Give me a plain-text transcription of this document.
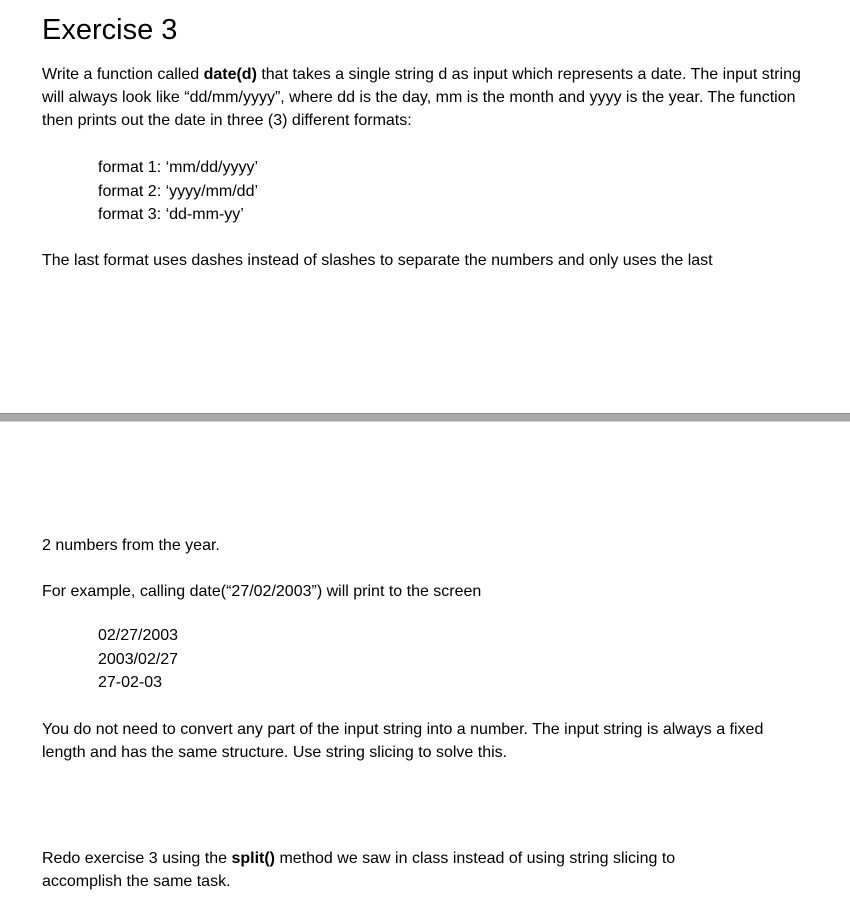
Exercise 3

Write a function called date(d) that takes a single string d as input which represents a date. The input string will always look like “dd/mm/yyyy”, where dd is the day, mm is the month and yyyy is the year. The function then prints out the date in three (3) different formats:

format 1: ‘mm/dd/yyyy’
format 2: ‘yyyy/mm/dd’
format 3: ‘dd-mm-yy’

The last format uses dashes instead of slashes to separate the numbers and only uses the last

2 numbers from the year.

For example, calling date(“27/02/2003”) will print to the screen

02/27/2003
2003/02/27
27-02-03

You do not need to convert any part of the input string into a number. The input string is always a fixed length and has the same structure. Use string slicing to solve this.

Redo exercise 3 using the split() method we saw in class instead of using string slicing to accomplish the same task.
